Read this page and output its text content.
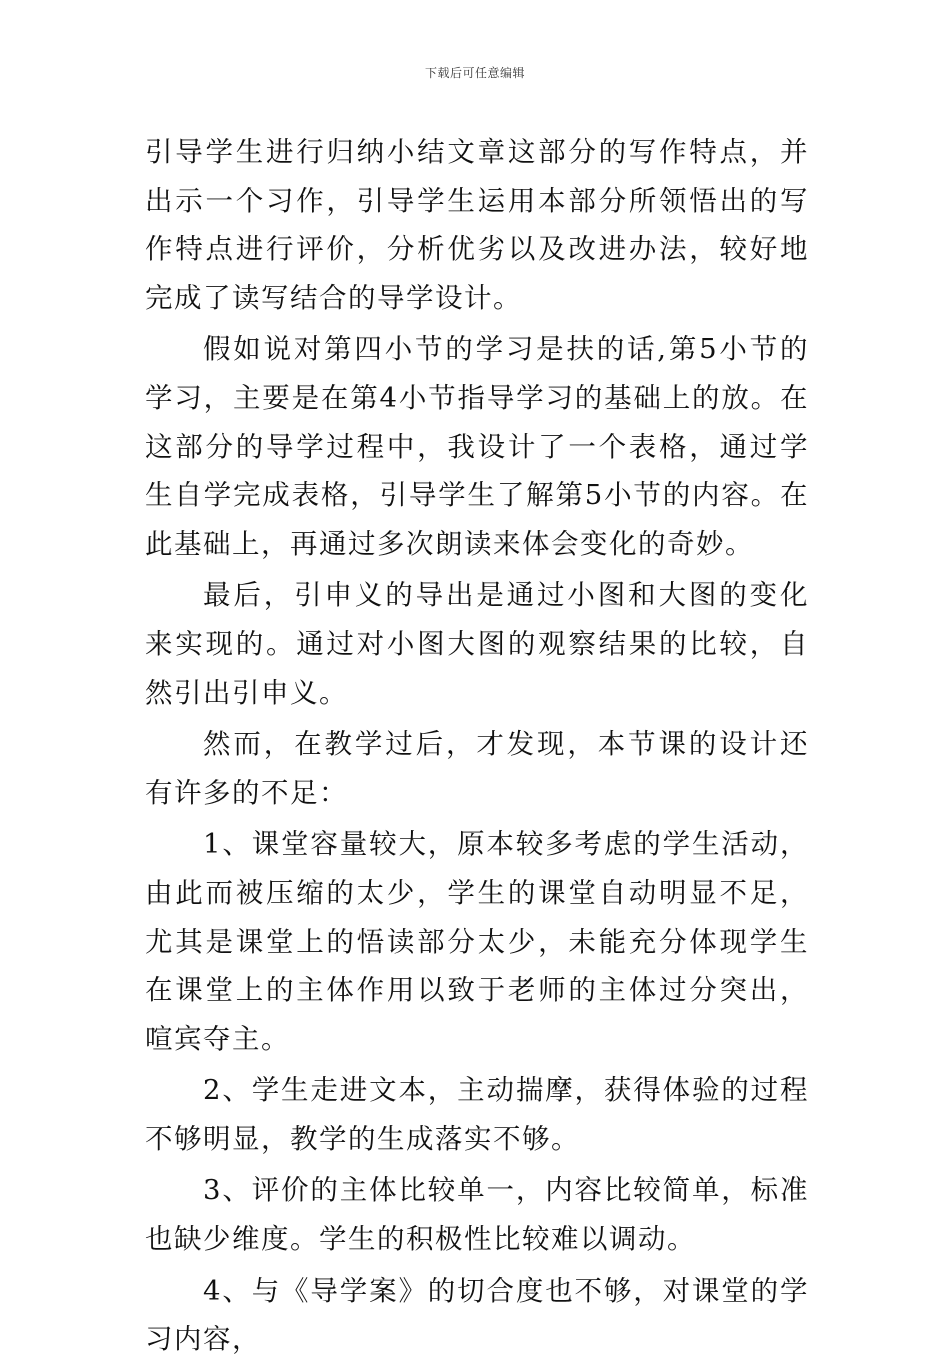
下载后可任意编辑

引导学生进行归纳小结文章这部分的写作特点，并出示一个习作，引导学生运用本部分所领悟出的写作特点进行评价，分析优劣以及改进办法，较好地完成了读写结合的导学设计。

假如说对第四小节的学习是扶的话,第5小节的学习，主要是在第4小节指导学习的基础上的放。在这部分的导学过程中，我设计了一个表格，通过学生自学完成表格，引导学生了解第5小节的内容。在此基础上，再通过多次朗读来体会变化的奇妙。

最后，引申义的导出是通过小图和大图的变化来实现的。通过对小图大图的观察结果的比较，自然引出引申义。

然而，在教学过后，才发现，本节课的设计还有许多的不足：

1、课堂容量较大，原本较多考虑的学生活动，由此而被压缩的太少，学生的课堂自动明显不足，尤其是课堂上的悟读部分太少，未能充分体现学生在课堂上的主体作用以致于老师的主体过分突出，喧宾夺主。

2、学生走进文本，主动揣摩，获得体验的过程不够明显，教学的生成落实不够。

3、评价的主体比较单一，内容比较简单，标准也缺少维度。学生的积极性比较难以调动。

4、与《导学案》的切合度也不够，对课堂的学习内容，
